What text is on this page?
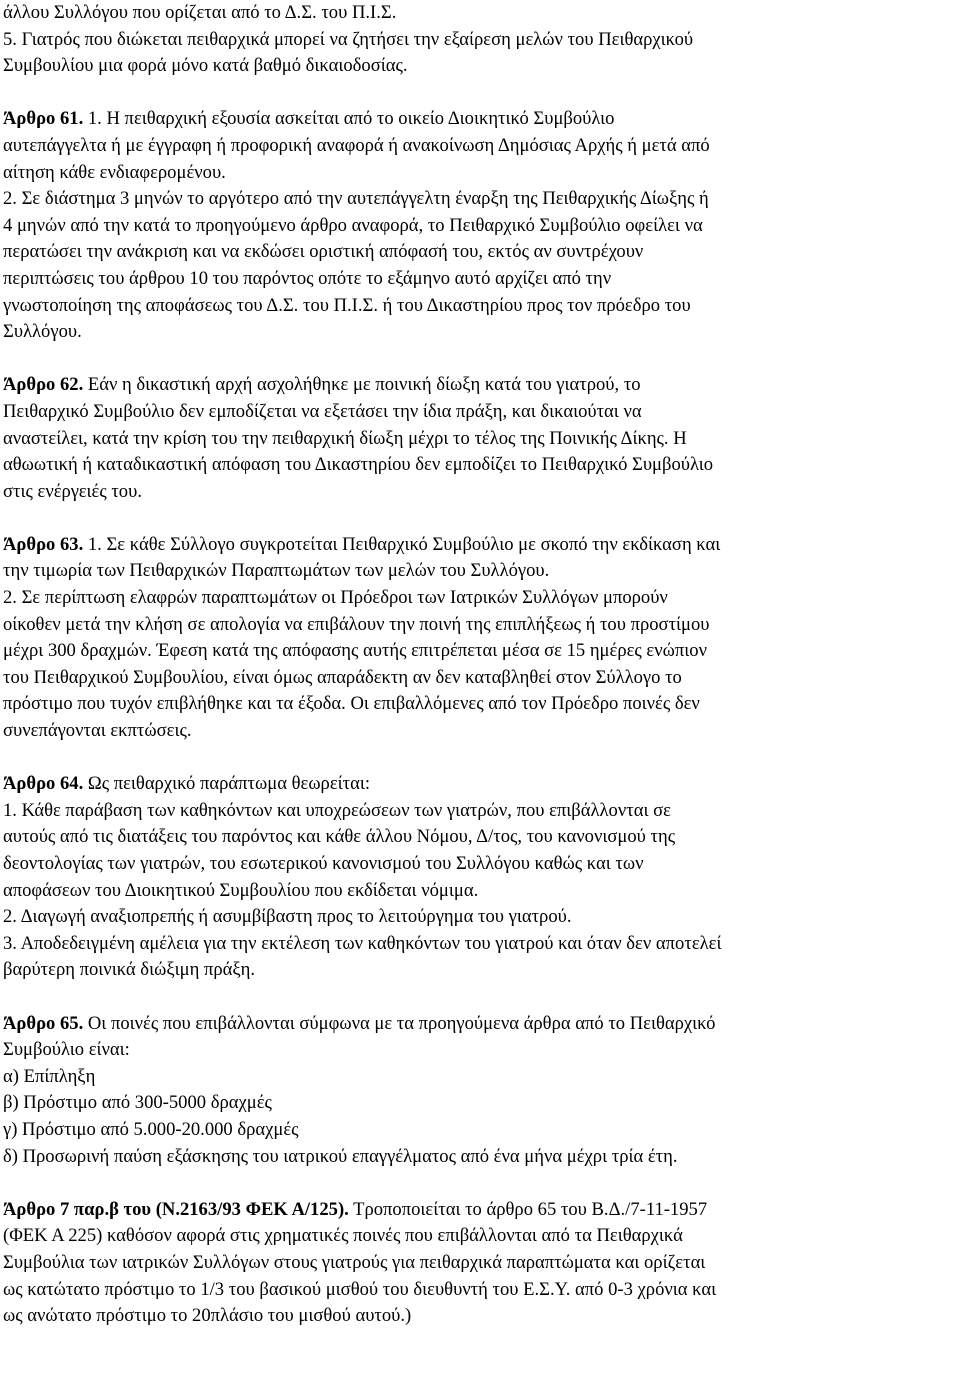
άλλου Συλλόγου που ορίζεται από το Δ.Σ. του Π.Ι.Σ.
5. Γιατρός που διώκεται πειθαρχικά μπορεί να ζητήσει την εξαίρεση μελών του Πειθαρχικού
Συμβουλίου μια φορά μόνο κατά βαθμό δικαιοδοσίας.
Άρθρο 61. 1. Η πειθαρχική εξουσία ασκείται από το οικείο Διοικητικό Συμβούλιο
αυτεπάγγελτα ή με έγγραφη ή προφορική αναφορά ή ανακοίνωση Δημόσιας Αρχής ή μετά από
αίτηση κάθε ενδιαφερομένου.
2. Σε διάστημα 3 μηνών το αργότερο από την αυτεπάγγελτη έναρξη της Πειθαρχικής Δίωξης ή
4 μηνών από την κατά το προηγούμενο άρθρο αναφορά, το Πειθαρχικό Συμβούλιο οφείλει να
περατώσει την ανάκριση και να εκδώσει οριστική απόφασή του, εκτός αν συντρέχουν
περιπτώσεις του άρθρου 10 του παρόντος οπότε το εξάμηνο αυτό αρχίζει από την
γνωστοποίηση της αποφάσεως του Δ.Σ. του Π.Ι.Σ. ή του Δικαστηρίου προς τον πρόεδρο του
Συλλόγου.
Άρθρο 62. Εάν η δικαστική αρχή ασχολήθηκε με ποινική δίωξη κατά του γιατρού, το
Πειθαρχικό Συμβούλιο δεν εμποδίζεται να εξετάσει την ίδια πράξη, και δικαιούται να
αναστείλει, κατά την κρίση του την πειθαρχική δίωξη μέχρι το τέλος της Ποινικής Δίκης. Η
αθωωτική ή καταδικαστική απόφαση του Δικαστηρίου δεν εμποδίζει το Πειθαρχικό Συμβούλιο
στις ενέργειές του.
Άρθρο 63. 1. Σε κάθε Σύλλογο συγκροτείται Πειθαρχικό Συμβούλιο με σκοπό την εκδίκαση και
την τιμωρία των Πειθαρχικών Παραπτωμάτων των μελών του Συλλόγου.
2. Σε περίπτωση ελαφρών παραπτωμάτων οι Πρόεδροι των Ιατρικών Συλλόγων μπορούν
οίκοθεν μετά την κλήση σε απολογία να επιβάλουν την ποινή της επιπλήξεως ή του προστίμου
μέχρι 300 δραχμών. Έφεση κατά της απόφασης αυτής επιτρέπεται μέσα σε 15 ημέρες ενώπιον
του Πειθαρχικού Συμβουλίου, είναι όμως απαράδεκτη αν δεν καταβληθεί στον Σύλλογο το
πρόστιμο που τυχόν επιβλήθηκε και τα έξοδα. Οι επιβαλλόμενες από τον Πρόεδρο ποινές δεν
συνεπάγονται εκπτώσεις.
Άρθρο 64. Ως πειθαρχικό παράπτωμα θεωρείται:
1. Κάθε παράβαση των καθηκόντων και υποχρεώσεων των γιατρών, που επιβάλλονται σε
αυτούς από τις διατάξεις του παρόντος και κάθε άλλου Νόμου, Δ/τος, του κανονισμού της
δεοντολογίας των γιατρών, του εσωτερικού κανονισμού του Συλλόγου καθώς και των
αποφάσεων του Διοικητικού Συμβουλίου που εκδίδεται νόμιμα.
2. Διαγωγή αναξιοπρεπής ή ασυμβίβαστη προς το λειτούργημα του γιατρού.
3. Αποδεδειγμένη αμέλεια για την εκτέλεση των καθηκόντων του γιατρού και όταν δεν αποτελεί
βαρύτερη ποινικά διώξιμη πράξη.
Άρθρο 65. Οι ποινές που επιβάλλονται σύμφωνα με τα προηγούμενα άρθρα από το Πειθαρχικό
Συμβούλιο είναι:
α) Επίπληξη
β) Πρόστιμο από 300-5000 δραχμές
γ) Πρόστιμο από 5.000-20.000 δραχμές
δ) Προσωρινή παύση εξάσκησης του ιατρικού επαγγέλματος από ένα μήνα μέχρι τρία έτη.
Άρθρο 7 παρ.β του (Ν.2163/93 ΦΕΚ Α/125). Τροποποιείται το άρθρο 65 του Β.Δ./7-11-1957
(ΦΕΚ Α 225) καθόσον αφορά στις χρηματικές ποινές που επιβάλλονται από τα Πειθαρχικά
Συμβούλια των ιατρικών Συλλόγων στους γιατρούς για πειθαρχικά παραπτώματα και ορίζεται
ως κατώτατο πρόστιμο το 1/3 του βασικού μισθού του διευθυντή του Ε.Σ.Υ. από 0-3 χρόνια και
ως ανώτατο πρόστιμο το 20πλάσιο του μισθού αυτού.)
